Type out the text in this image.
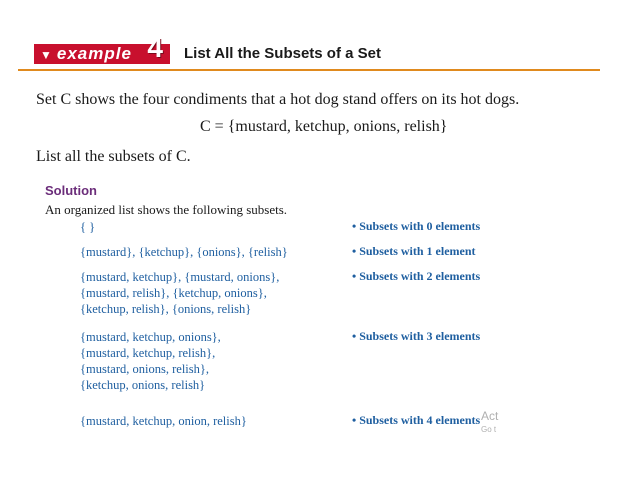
▼ example 4 List All the Subsets of a Set
Set C shows the four condiments that a hot dog stand offers on its hot dogs.
C = {mustard, ketchup, onions, relish}
List all the subsets of C.
Solution
An organized list shows the following subsets.
{ }	• Subsets with 0 elements
{mustard}, {ketchup}, {onions}, {relish}	• Subsets with 1 element
{mustard, ketchup}, {mustard, onions},
{mustard, relish}, {ketchup, onions},
{ketchup, relish}, {onions, relish}
• Subsets with 2 elements
{mustard, ketchup, onions},
{mustard, ketchup, relish},
{mustard, onions, relish},
{ketchup, onions, relish}
• Subsets with 3 elements
{mustard, ketchup, onion, relish}	• Subsets with 4 elements Act
Go t
